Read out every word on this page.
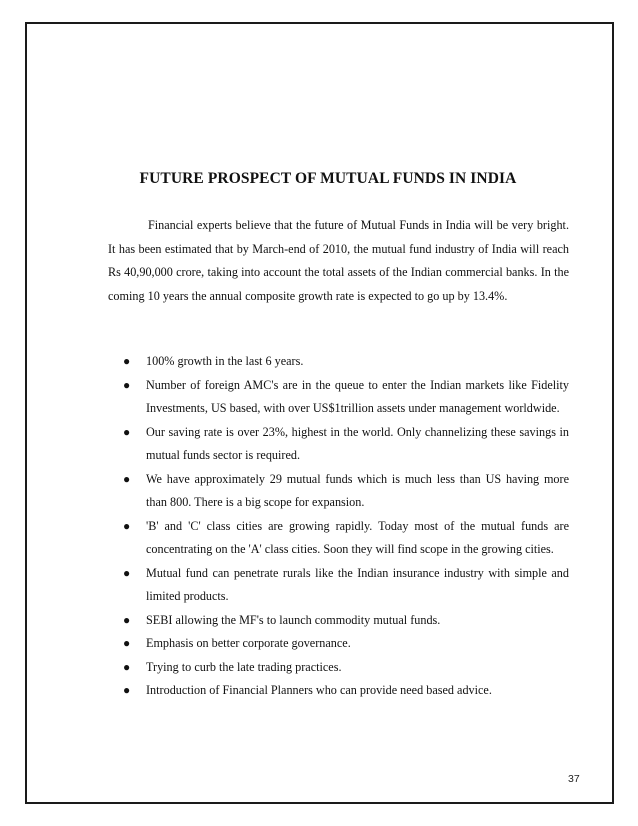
FUTURE PROSPECT OF MUTUAL FUNDS IN INDIA

Financial experts believe that the future of Mutual Funds in India will be very bright. It has been estimated that by March-end of 2010, the mutual fund industry of India will reach Rs 40,90,000 crore, taking into account the total assets of the Indian commercial banks. In the coming 10 years the annual composite growth rate is expected to go up by 13.4%.

● 100% growth in the last 6 years.
● Number of foreign AMC's are in the queue to enter the Indian markets like Fidelity Investments, US based, with over US$1trillion assets under management worldwide.
● Our saving rate is over 23%, highest in the world. Only channelizing these savings in mutual funds sector is required.
● We have approximately 29 mutual funds which is much less than US having more than 800. There is a big scope for expansion.
● 'B' and 'C' class cities are growing rapidly. Today most of the mutual funds are concentrating on the 'A' class cities. Soon they will find scope in the growing cities.
● Mutual fund can penetrate rurals like the Indian insurance industry with simple and limited products.
● SEBI allowing the MF's to launch commodity mutual funds.
● Emphasis on better corporate governance.
● Trying to curb the late trading practices.
● Introduction of Financial Planners who can provide need based advice.
37
